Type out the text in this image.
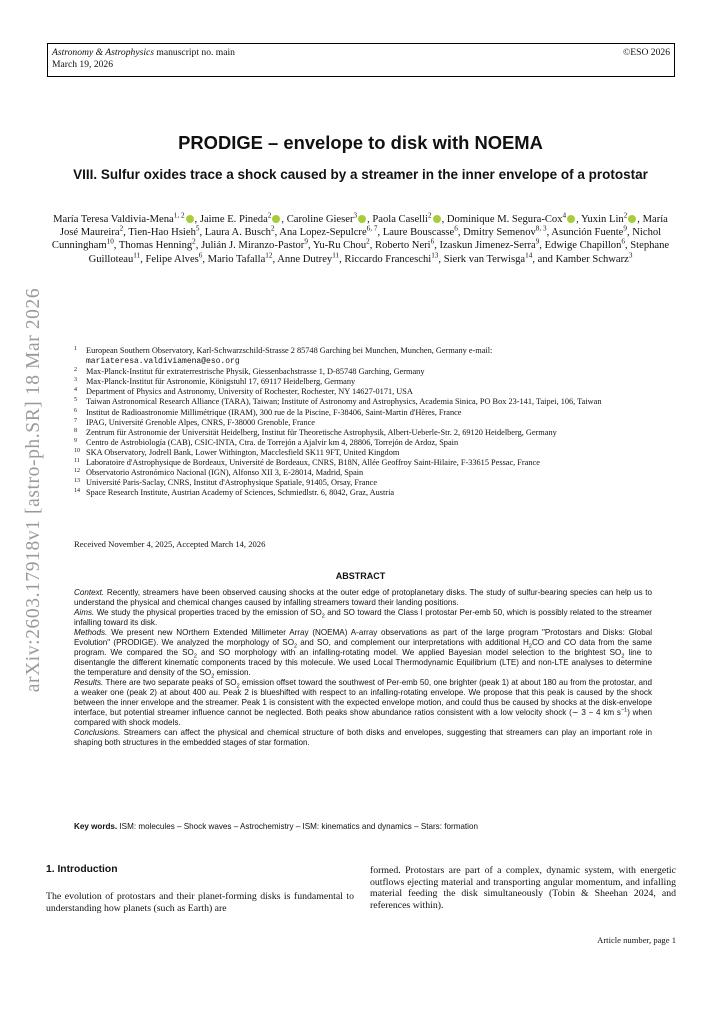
arXiv:2603.17918v1 [astro-ph.SR] 18 Mar 2026
Astronomy & Astrophysics manuscript no. main
March 19, 2026
©ESO 2026
PRODIGE – envelope to disk with NOEMA
VIII. Sulfur oxides trace a shock caused by a streamer in the inner envelope of a protostar
María Teresa Valdivia-Mena$^{1, 2}$ , Jaime E. Pineda$^2$ , Caroline Gieser$^3$ , Paola Caselli$^2$ , Dominique M. Segura-Cox$^4$ , Yuxin Lin$^2$ , María José Maureira$^2$, Tien-Hao Hsieh$^5$, Laura A. Busch$^2$, Ana Lopez-Sepulcre$^{6, 7}$, Laure Bouscasse$^6$, Dmitry Semenov$^{8, 3}$, Asunción Fuente$^9$, Nichol Cunningham$^{10}$, Thomas Henning$^2$, Julián J. Miranzo-Pastor$^9$, Yu-Ru Chou$^2$, Roberto Neri$^6$, Izaskun Jimenez-Serra$^9$, Edwige Chapillon$^6$, Stephane Guilloteau$^{11}$, Felipe Alves$^6$, Mario Tafalla$^{12}$, Anne Dutrey$^{11}$, Riccardo Franceschi$^{13}$, Sierk van Terwisga$^{14}$, and Kamber Schwarz$^3$
1	European Southern Observatory, Karl-Schwarzschild-Strasse 2 85748 Garching bei Munchen, Munchen, Germany e-mail:
mariateresa.valdiviamena@eso.org
2	Max-Planck-Institut für extraterrestrische Physik, Giessenbachstrasse 1, D-85748 Garching, Germany
3	Max-Planck-Institut für Astronomie, Königstuhl 17, 69117 Heidelberg, Germany
4	Department of Physics and Astronomy, University of Rochester, Rochester, NY 14627-0171, USA
5	Taiwan Astronomical Research Alliance (TARA), Taiwan; Institute of Astronomy and Astrophysics, Academia Sinica, PO Box 23-141, Taipei, 106, Taiwan
6	Institut de Radioastronomie Millimétrique (IRAM), 300 rue de la Piscine, F-38406, Saint-Martin d'Hères, France
7	IPAG, Université Grenoble Alpes, CNRS, F-38000 Grenoble, France
8	Zentrum für Astronomie der Universität Heidelberg, Institut für Theoretische Astrophysik, Albert-Ueberle-Str. 2, 69120 Heidelberg, Germany
9	Centro de Astrobiología (CAB), CSIC-INTA, Ctra. de Torrejón a Ajalvir km 4, 28806, Torrejón de Ardoz, Spain
10 SKA Observatory, Jodrell Bank, Lower Withington, Macclesfield SK11 9FT, United Kingdom
11 Laboratoire d'Astrophysique de Bordeaux, Université de Bordeaux, CNRS, B18N, Allée Geoffroy Saint-Hilaire, F-33615 Pessac, France
12 Observatorio Astronómico Nacional (IGN), Alfonso XII 3, E-28014, Madrid, Spain
13 Université Paris-Saclay, CNRS, Institut d'Astrophysique Spatiale, 91405, Orsay, France
14 Space Research Institute, Austrian Academy of Sciences, Schmiedlstr. 6, 8042, Graz, Austria
Received November 4, 2025, Accepted March 14, 2026
ABSTRACT

Context. Recently, streamers have been observed causing shocks at the outer edge of protoplanetary disks. The study of sulfur-bearing species can help us to understand the physical and chemical changes caused by infalling streamers toward their landing positions.

Aims. We study the physical properties traced by the emission of $SO_2$ and SO toward the Class I protostar Per-emb 50, which is possibly related to the streamer infalling toward its disk.

Methods. We present new NOrthern Extended Millimeter Array (NOEMA) A-array observations as part of the large program "Protostars and Disks: Global Evolution" (PRODIGE). We analyzed the morphology of $SO_2$ and SO, and complement our interpretations with additional $H_2CO$ and CO data from the same program. We compared the $SO_2$ and SO morphology with an infalling-rotating model. We applied Bayesian model selection to the brightest $SO_2$ line to disentangle the different kinematic components traced by this molecule. We used Local Thermodynamic Equilibrium (LTE) and non-LTE analyses to determine the temperature and density of the $SO_2$ emission.

Results. There are two separate peaks of $SO_2$ emission offset toward the southwest of Per-emb 50, one brighter (peak 1) at about 180 au from the protostar, and a weaker one (peak 2) at about 400 au. Peak 2 is blueshifted with respect to an infalling-rotating envelope. We propose that this peak is caused by the shock between the inner envelope and the streamer. Peak 1 is consistent with the expected envelope motion, and could thus be caused by shocks at the disk-envelope interface, but potential streamer influence cannot be neglected. Both peaks show abundance ratios consistent with a low velocity shock (∼ 3 − 4 km $s^{-1}$) when compared with shock models.

Conclusions. Streamers can affect the physical and chemical structure of both disks and envelopes, suggesting that streamers can play an important role in shaping both structures in the embedded stages of star formation.

Key words. ISM: molecules – Shock waves – Astrochemistry – ISM: kinematics and dynamics – Stars: formation
1. Introduction
The evolution of protostars and their planet-forming disks is fundamental to understanding how planets (such as Earth) are
formed. Protostars are part of a complex, dynamic system, with energetic outflows ejecting material and transporting angular momentum, and infalling material feeding the disk simultaneously (Tobin & Sheehan 2024, and references within).
Article number, page 1
